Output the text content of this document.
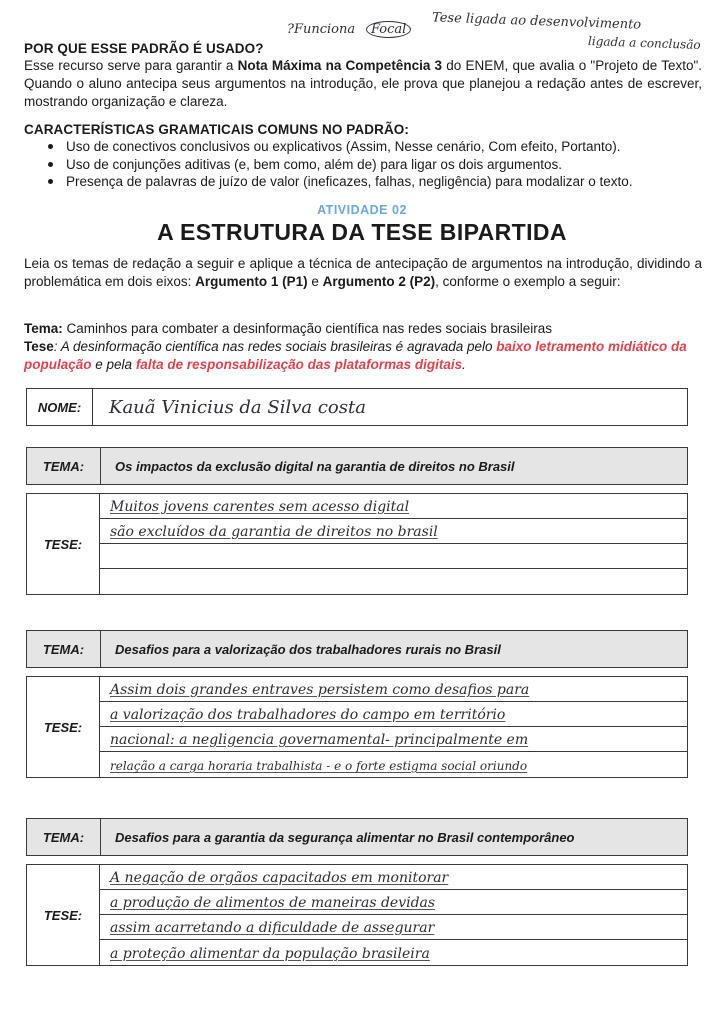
?Funciona	Focal	Tese ligada ao desenvolvimento
ligada a conclusão
POR QUE ESSE PADRÃO É USADO?
Esse recurso serve para garantir a Nota Máxima na Competência 3 do ENEM, que avalia o "Projeto de Texto". Quando o aluno antecipa seus argumentos na introdução, ele prova que planejou a redação antes de escrever, mostrando organização e clareza.
CARACTERÍSTICAS GRAMATICAIS COMUNS NO PADRÃO:
Uso de conectivos conclusivos ou explicativos (Assim, Nesse cenário, Com efeito, Portanto).
Uso de conjunções aditivas (e, bem como, além de) para ligar os dois argumentos.
Presença de palavras de juízo de valor (ineficazes, falhas, negligência) para modalizar o texto.
ATIVIDADE 02
A ESTRUTURA DA TESE BIPARTIDA
Leia os temas de redação a seguir e aplique a técnica de antecipação de argumentos na introdução, dividindo a problemática em dois eixos: Argumento 1 (P1) e Argumento 2 (P2), conforme o exemplo a seguir:
Tema: Caminhos para combater a desinformação científica nas redes sociais brasileiras
Tese: A desinformação científica nas redes sociais brasileiras é agravada pelo baixo letramento midiático da população e pela falta de responsabilização das plataformas digitais.
NOME:	Kauã Vinicius da Silva costa
TEMA:	Os impactos da exclusão digital na garantia de direitos no Brasil
TESE:
Muitos jovens carentes sem acesso digital
são excluídos da garantia de direitos no brasil
TEMA:	Desafios para a valorização dos trabalhadores rurais no Brasil
TESE:
Assim dois grandes entraves persistem como desafios para
a valorização dos trabalhadores do campo em território
nacional: a negligencia governamental- principalmente em
relação a carga horaria trabalhista - e o forte estigma social oriundo
TEMA:	Desafios para a garantia da segurança alimentar no Brasil contemporâneo
TESE:
A negação de orgãos capacitados em monitorar
a produção de alimentos de maneiras devidas
assim acarretando a dificuldade de assegurar
a proteção alimentar da população brasileira
